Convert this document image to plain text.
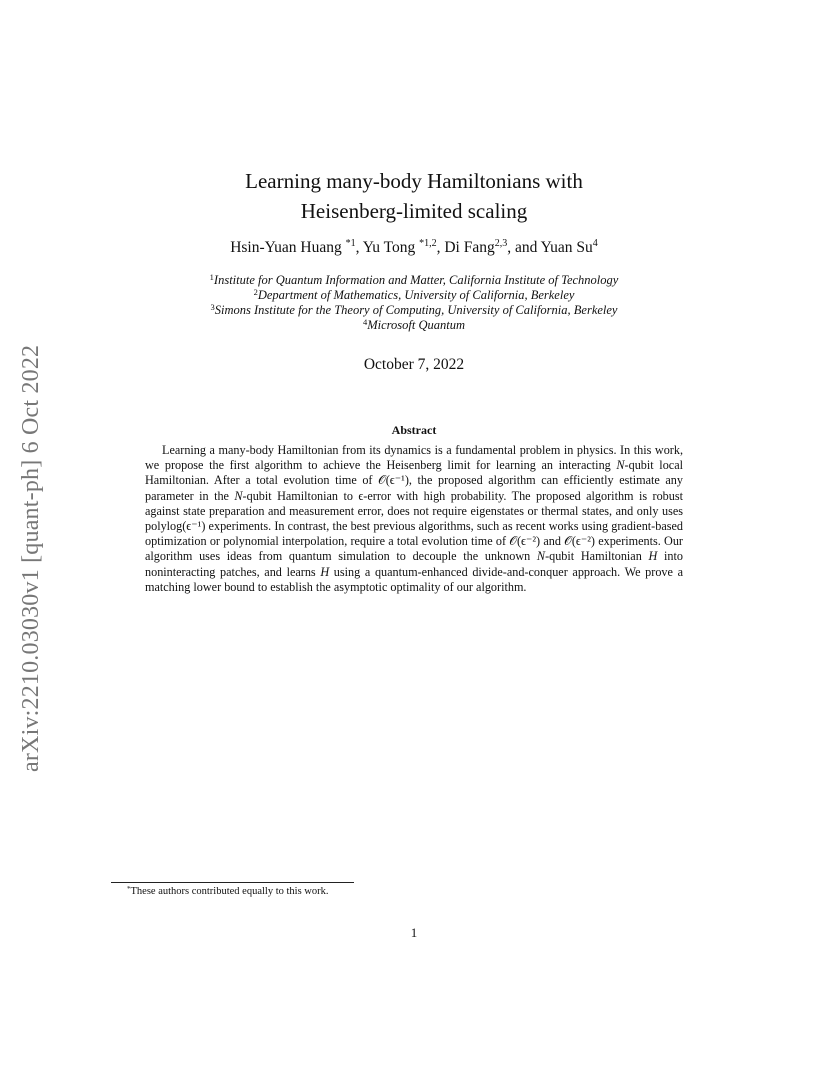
arXiv:2210.03030v1 [quant-ph] 6 Oct 2022
Learning many-body Hamiltonians with
Heisenberg-limited scaling
Hsin-Yuan Huang $^{*1}$, Yu Tong $^{*1,2}$, Di Fang$^{2,3}$, and Yuan Su$^4$
$^1$Institute for Quantum Information and Matter, California Institute of Technology
$^2$Department of Mathematics, University of California, Berkeley
$^3$Simons Institute for the Theory of Computing, University of California, Berkeley
$^4$Microsoft Quantum
October 7, 2022
Abstract
Learning a many-body Hamiltonian from its dynamics is a fundamental problem in physics. In this work, we propose the first algorithm to achieve the Heisenberg limit for learning an interacting N-qubit local Hamiltonian. After a total evolution time of 𝒪(ϵ⁻¹), the proposed algorithm can efficiently estimate any parameter in the N-qubit Hamiltonian to ϵ-error with high probability. The proposed algorithm is robust against state preparation and measurement error, does not require eigenstates or thermal states, and only uses polylog(ϵ⁻¹) experiments. In contrast, the best previous algorithms, such as recent works using gradient-based optimization or polynomial interpolation, require a total evolution time of 𝒪(ϵ⁻²) and 𝒪(ϵ⁻²) experiments. Our algorithm uses ideas from quantum simulation to decouple the unknown N-qubit Hamiltonian H into noninteracting patches, and learns H using a quantum-enhanced divide-and-conquer approach. We prove a matching lower bound to establish the asymptotic optimality of our algorithm.
*These authors contributed equally to this work.
1
